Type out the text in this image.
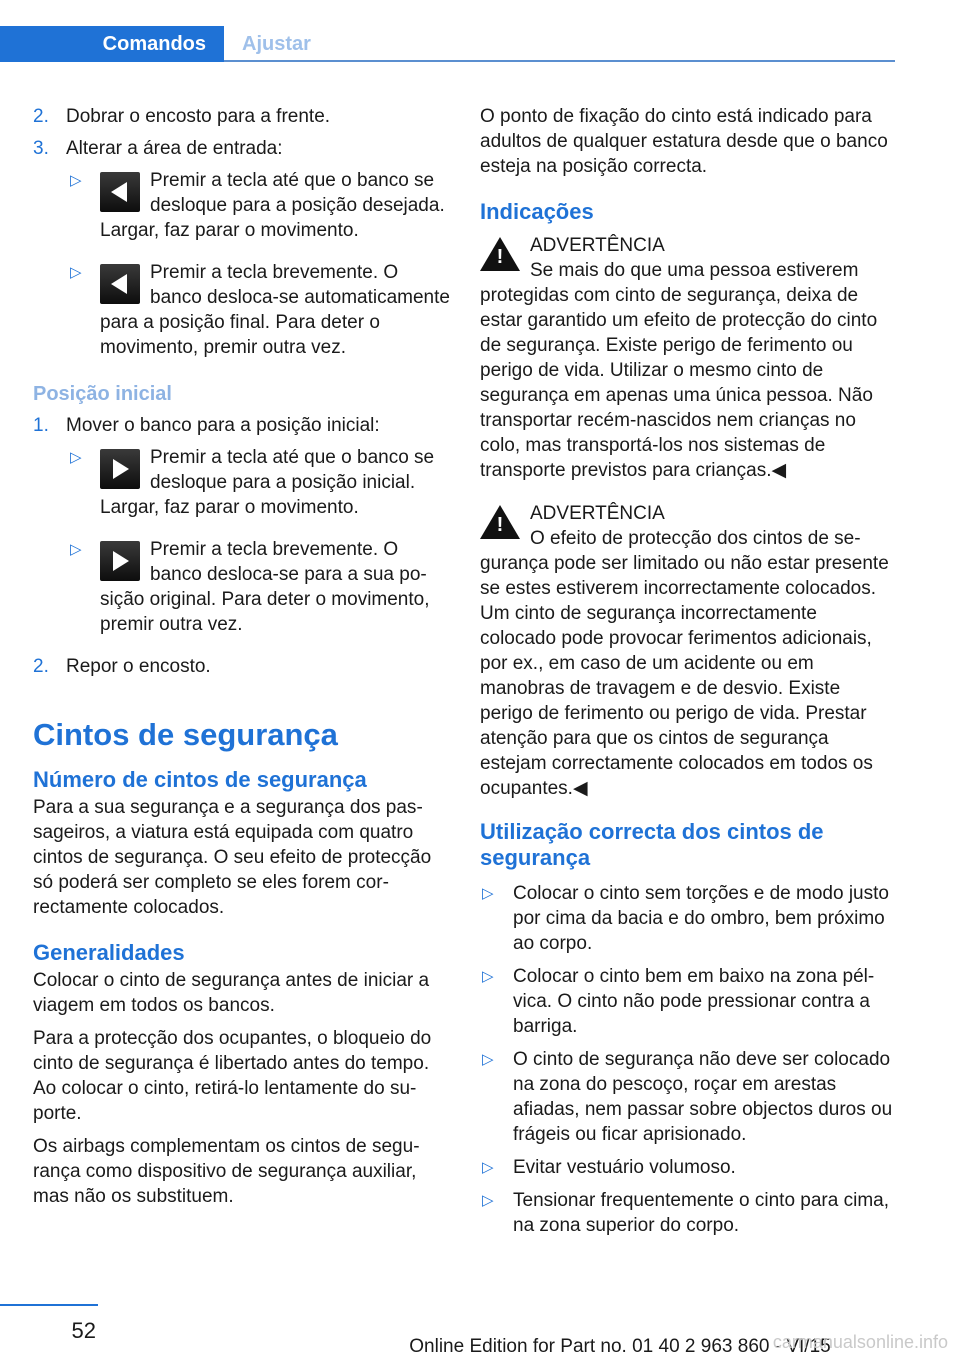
Comandos	Ajustar
2. Dobrar o encosto para a frente.
3. Alterar a área de entrada:
▷	Premir a tecla até que o banco se desloque para a posição desejada. Largar, faz parar o movimento.
▷	Premir a tecla brevemente. O banco desloca-se automaticamente para a posição final. Para deter o movimento, premir outra vez.
Posição inicial
1. Mover o banco para a posição inicial:
▷	Premir a tecla até que o banco se desloque para a posição inicial. Largar, faz parar o movimento.
▷	Premir a tecla brevemente. O banco desloca-se para a sua posição original. Para deter o movimento, premir outra vez.
2. Repor o encosto.
Cintos de segurança
Número de cintos de segurança
Para a sua segurança e a segurança dos passageiros, a viatura está equipada com quatro cintos de segurança. O seu efeito de protecção só poderá ser completo se eles forem correctamente colocados.
Generalidades
Colocar o cinto de segurança antes de iniciar a viagem em todos os bancos.
Para a protecção dos ocupantes, o bloqueio do cinto de segurança é libertado antes do tempo. Ao colocar o cinto, retirá-lo lentamente do suporte.
Os airbags complementam os cintos de segurança como dispositivo de segurança auxiliar, mas não os substituem.
O ponto de fixação do cinto está indicado para adultos de qualquer estatura desde que o banco esteja na posição correcta.
Indicações
!
ADVERTÊNCIA
Se mais do que uma pessoa estiverem protegidas com cinto de segurança, deixa de estar garantido um efeito de protecção do cinto de segurança. Existe perigo de ferimento ou perigo de vida. Utilizar o mesmo cinto de segurança em apenas uma única pessoa. Não transportar recém-nascidos nem crianças no colo, mas transportá-los nos sistemas de transporte previstos para crianças.◀
!
ADVERTÊNCIA
O efeito de protecção dos cintos de segurança pode ser limitado ou não estar presente se estes estiverem incorrectamente colocados. Um cinto de segurança incorrectamente colocado pode provocar ferimentos adicionais, por ex., em caso de um acidente ou em manobras de travagem e de desvio. Existe perigo de ferimento ou perigo de vida. Prestar atenção para que os cintos de segurança estejam correctamente colocados em todos os ocupantes.◀
Utilização correcta dos cintos de segurança
▷ Colocar o cinto sem torções e de modo justo por cima da bacia e do ombro, bem próximo ao corpo.
▷ Colocar o cinto bem em baixo na zona pélvica. O cinto não pode pressionar contra a barriga.
▷ O cinto de segurança não deve ser colocado na zona do pescoço, roçar em arestas afiadas, nem passar sobre objectos duros ou frágeis ou ficar aprisionado.
▷ Evitar vestuário volumoso.
▷ Tensionar frequentemente o cinto para cima, na zona superior do corpo.
52
Online Edition for Part no. 01 40 2 963 860 - VI/15
carmanualsonline.info
